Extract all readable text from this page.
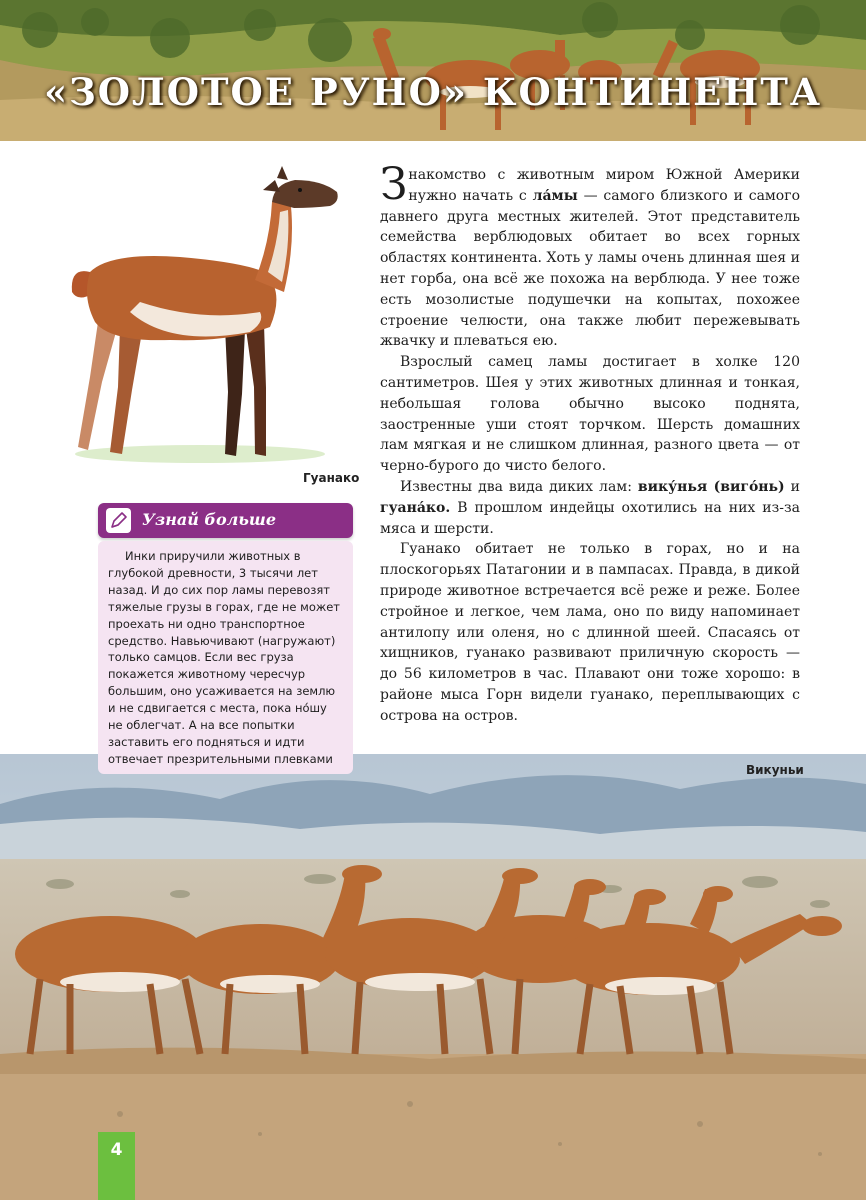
«ЗОЛОТОЕ РУНО» КОНТИНЕНТА
Гуанако
Узнай больше

Инки приручили животных в глубокой древности, 3 тысячи лет назад. И до сих пор ламы перевозят тяжелые грузы в горах, где не может проехать ни одно транспортное средство. Навьючивают (нагружают) только самцов. Если вес груза покажется животному чересчур большим, оно усаживается на землю и не сдвигается с места, пока но́шу не облегчат. А на все попытки заставить его подняться и идти отвечает презрительными плевками

Знакомство с животным миром Южной Америки нужно начать с ла́мы — самого близкого и самого давнего друга местных жителей. Этот представитель семейства верблюдовых обитает во всех горных областях континента. Хоть у ламы очень длинная шея и нет горба, она всё же похожа на верблюда. У нее тоже есть мозолистые подушечки на копытах, похожее строение челюсти, она также любит пережевывать жвачку и плеваться ею.

Взрослый самец ламы достигает в холке 120 сантиметров. Шея у этих животных длинная и тонкая, небольшая голова обычно высоко поднята, заостренные уши стоят торчком. Шерсть домашних лам мягкая и не слишком длинная, разного цвета — от черно-бурого до чисто белого.

Известны два вида диких лам: вику́нья (виго́нь) и гуана́ко. В прошлом индейцы охотились на них из-за мяса и шерсти.

Гуанако обитает не только в горах, но и на плоскогорьях Патагонии и в пампасах. Правда, в дикой природе животное встречается всё реже и реже. Более стройное и легкое, чем лама, оно по виду напоминает антилопу или оленя, но с длинной шеей. Спасаясь от хищников, гуанако развивают приличную скорость — до 56 километров в час. Плавают они тоже хорошо: в районе мыса Горн видели гуанако, переплывающих с острова на остров.

Викуньи
4
